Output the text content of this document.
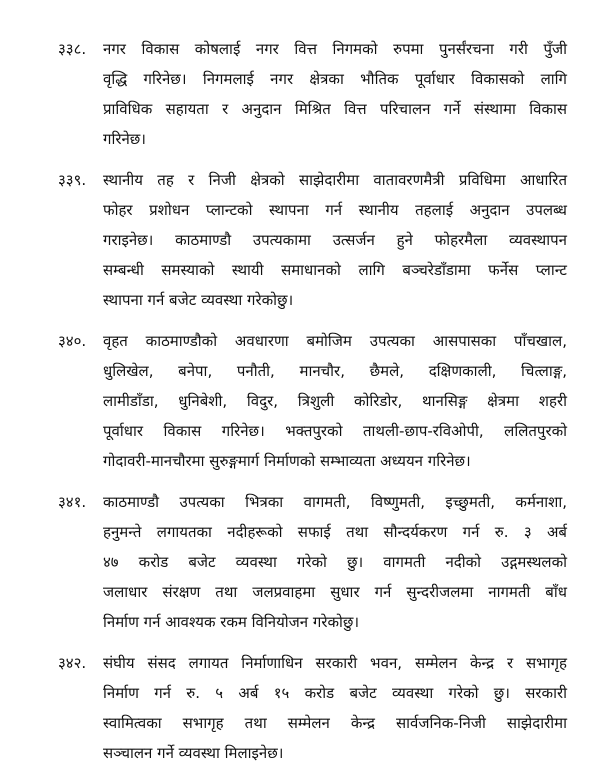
३३८. नगर विकास कोषलाई नगर वित्त निगमको रुपमा पुनर्संरचना गरी पुँजी
वृद्धि गरिनेछ। निगमलाई नगर क्षेत्रका भौतिक पूर्वाधार विकासको लागि
प्राविधिक सहायता र अनुदान मिश्रित वित्त परिचालन गर्ने संस्थामा विकास
गरिनेछ।
३३९. स्थानीय तह र निजी क्षेत्रको साझेदारीमा वातावरणमैत्री प्रविधिमा आधारित
फोहर प्रशोधन प्लान्टको स्थापना गर्न स्थानीय तहलाई अनुदान उपलब्ध
गराइनेछ। काठमाण्डौ उपत्यकामा उत्सर्जन हुने फोहरमैला व्यवस्थापन
सम्बन्धी समस्याको स्थायी समाधानको लागि बञ्चरेडाँडामा फर्नेस प्लान्ट
स्थापना गर्न बजेट व्यवस्था गरेकोछु।
३४०. वृहत काठमाण्डौको अवधारणा बमोजिम उपत्यका आसपासका पाँचखाल,
धुलिखेल, बनेपा, पनौती, मानचौर, छैमले, दक्षिणकाली, चित्लाङ्ग,
लामीडाँडा, धुनिबेशी, विदुर, त्रिशुली कोरिडोर, थानसिङ्ग क्षेत्रमा शहरी
पूर्वाधार विकास गरिनेछ। भक्तपुरको ताथली-छाप-रविओपी, ललितपुरको
गोदावरी-मानचौरमा सुरुङ्गमार्ग निर्माणको सम्भाव्यता अध्ययन गरिनेछ।
३४१. काठमाण्डौ उपत्यका भित्रका वागमती, विष्णुमती, इच्छुमती, कर्मनाशा,
हनुमन्ते लगायतका नदीहरूको सफाई तथा सौन्दर्यकरण गर्न रु. ३ अर्ब
४७ करोड बजेट व्यवस्था गरेको छु। वागमती नदीको उद्गमस्थलको
जलाधार संरक्षण तथा जलप्रवाहमा सुधार गर्न सुन्दरीजलमा नागमती बाँध
निर्माण गर्न आवश्यक रकम विनियोजन गरेकोछु।
३४२. संघीय संसद लगायत निर्माणाधिन सरकारी भवन, सम्मेलन केन्द्र र सभागृह
निर्माण गर्न रु. ५ अर्ब १५ करोड बजेट व्यवस्था गरेको छु। सरकारी
स्वामित्वका सभागृह तथा सम्मेलन केन्द्र सार्वजनिक-निजी साझेदारीमा
सञ्चालन गर्ने व्यवस्था मिलाइनेछ।
